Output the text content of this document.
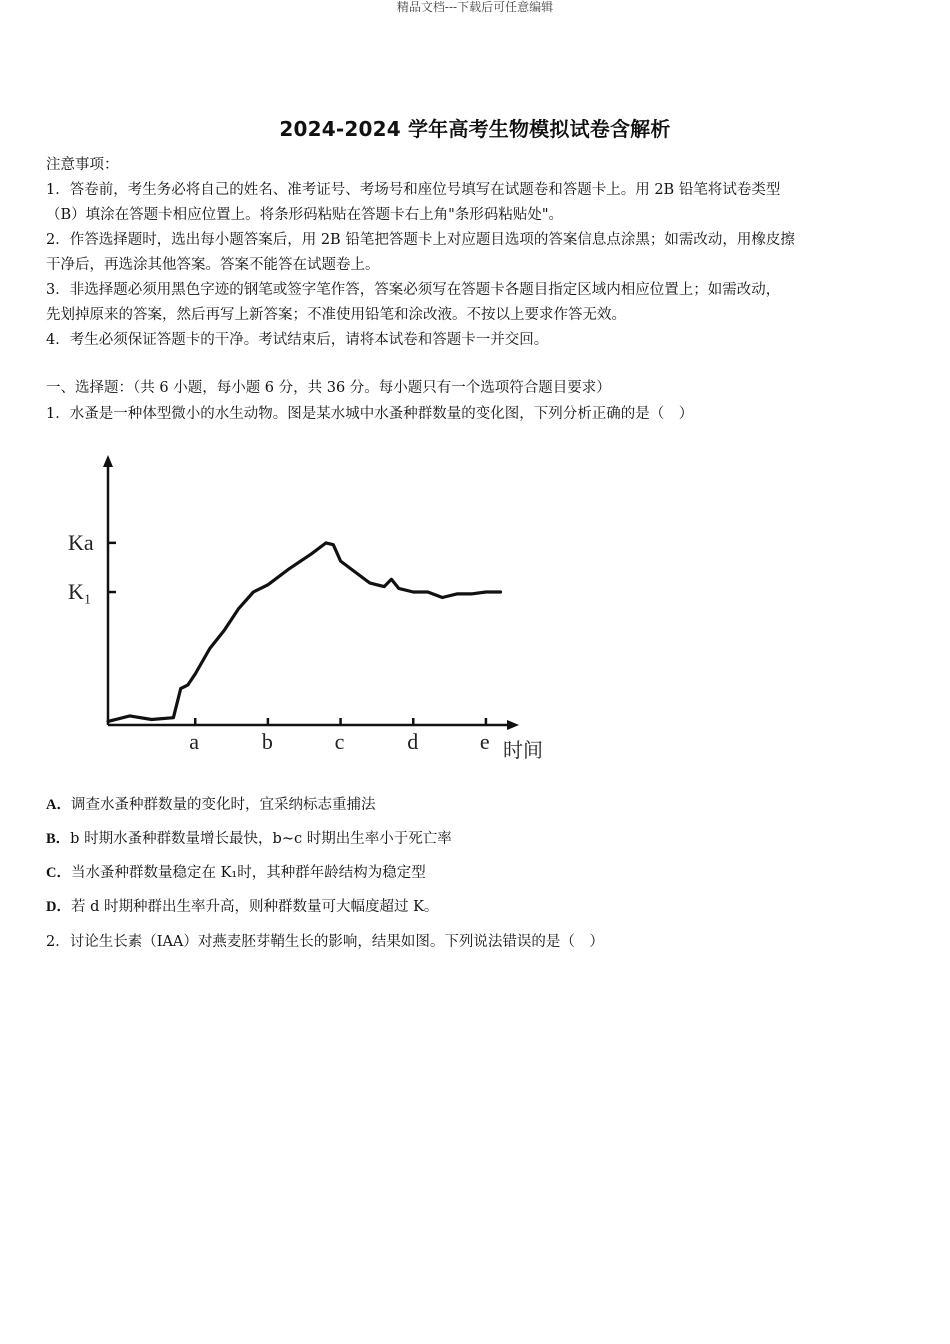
精品文档---下载后可任意编辑
2024-2024 学年高考生物模拟试卷含解析
注意事项：
1．答卷前，考生务必将自己的姓名、准考证号、考场号和座位号填写在试题卷和答题卡上。用 2B 铅笔将试卷类型
（B）填涂在答题卡相应位置上。将条形码粘贴在答题卡右上角"条形码粘贴处"。
2．作答选择题时，选出每小题答案后，用 2B 铅笔把答题卡上对应题目选项的答案信息点涂黑；如需改动，用橡皮擦
干净后，再选涂其他答案。答案不能答在试题卷上。
3．非选择题必须用黑色字迹的钢笔或签字笔作答，答案必须写在答题卡各题目指定区域内相应位置上；如需改动，
先划掉原来的答案，然后再写上新答案；不准使用铅笔和涂改液。不按以上要求作答无效。
4．考生必须保证答题卡的干净。考试结束后，请将本试卷和答题卡一并交回。
一、选择题：（共 6 小题，每小题 6 分，共 36 分。每小题只有一个选项符合题目要求）
1．水蚤是一种体型微小的水生动物。图是某水城中水蚤种群数量的变化图，下列分析正确的是（　）
Ka
K₁
a	b	c	d	e 时间
A．调查水蚤种群数量的变化时，宜采纳标志重捕法
B．b 时期水蚤种群数量增长最快，b~c 时期出生率小于死亡率
C．当水蚤种群数量稳定在 K₁时，其种群年龄结构为稳定型
D．若 d 时期种群出生率升高，则种群数量可大幅度超过 K。
2．讨论生长素（IAA）对燕麦胚芽鞘生长的影响，结果如图。下列说法错误的是（　）
